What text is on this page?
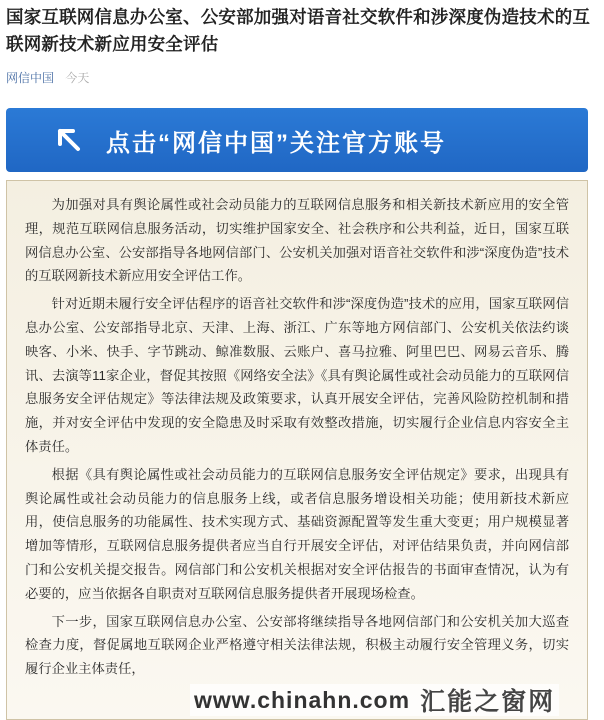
国家互联网信息办公室、公安部加强对语音社交软件和涉深度伪造技术的互联网新技术新应用安全评估
网信中国 今天
点击“网信中国”关注官方账号

为加强对具有舆论属性或社会动员能力的互联网信息服务和相关新技术新应用的安全管理，规范互联网信息服务活动，切实维护国家安全、社会秩序和公共利益，近日，国家互联网信息办公室、公安部指导各地网信部门、公安机关加强对语音社交软件和涉“深度伪造”技术的互联网新技术新应用安全评估工作。

针对近期未履行安全评估程序的语音社交软件和涉“深度伪造”技术的应用，国家互联网信息办公室、公安部指导北京、天津、上海、浙江、广东等地方网信部门、公安机关依法约谈映客、小米、快手、字节跳动、鲸准数服、云账户、喜马拉雅、阿里巴巴、网易云音乐、腾讯、去演等11家企业，督促其按照《网络安全法》《具有舆论属性或社会动员能力的互联网信息服务安全评估规定》等法律法规及政策要求，认真开展安全评估，完善风险防控机制和措施，并对安全评估中发现的安全隐患及时采取有效整改措施，切实履行企业信息内容安全主体责任。

根据《具有舆论属性或社会动员能力的互联网信息服务安全评估规定》要求，出现具有舆论属性或社会动员能力的信息服务上线，或者信息服务增设相关功能；使用新技术新应用，使信息服务的功能属性、技术实现方式、基础资源配置等发生重大变更；用户规模显著增加等情形，互联网信息服务提供者应当自行开展安全评估，对评估结果负责，并向网信部门和公安机关提交报告。网信部门和公安机关根据对安全评估报告的书面审查情况，认为有必要的，应当依据各自职责对互联网信息服务提供者开展现场检查。

下一步，国家互联网信息办公室、公安部将继续指导各地网信部门和公安机关加大巡查检查力度，督促属地互联网企业严格遵守相关法律法规，积极主动履行安全管理义务，切实履行企业主体责任，

www.chinahn.com 汇能之窗网
